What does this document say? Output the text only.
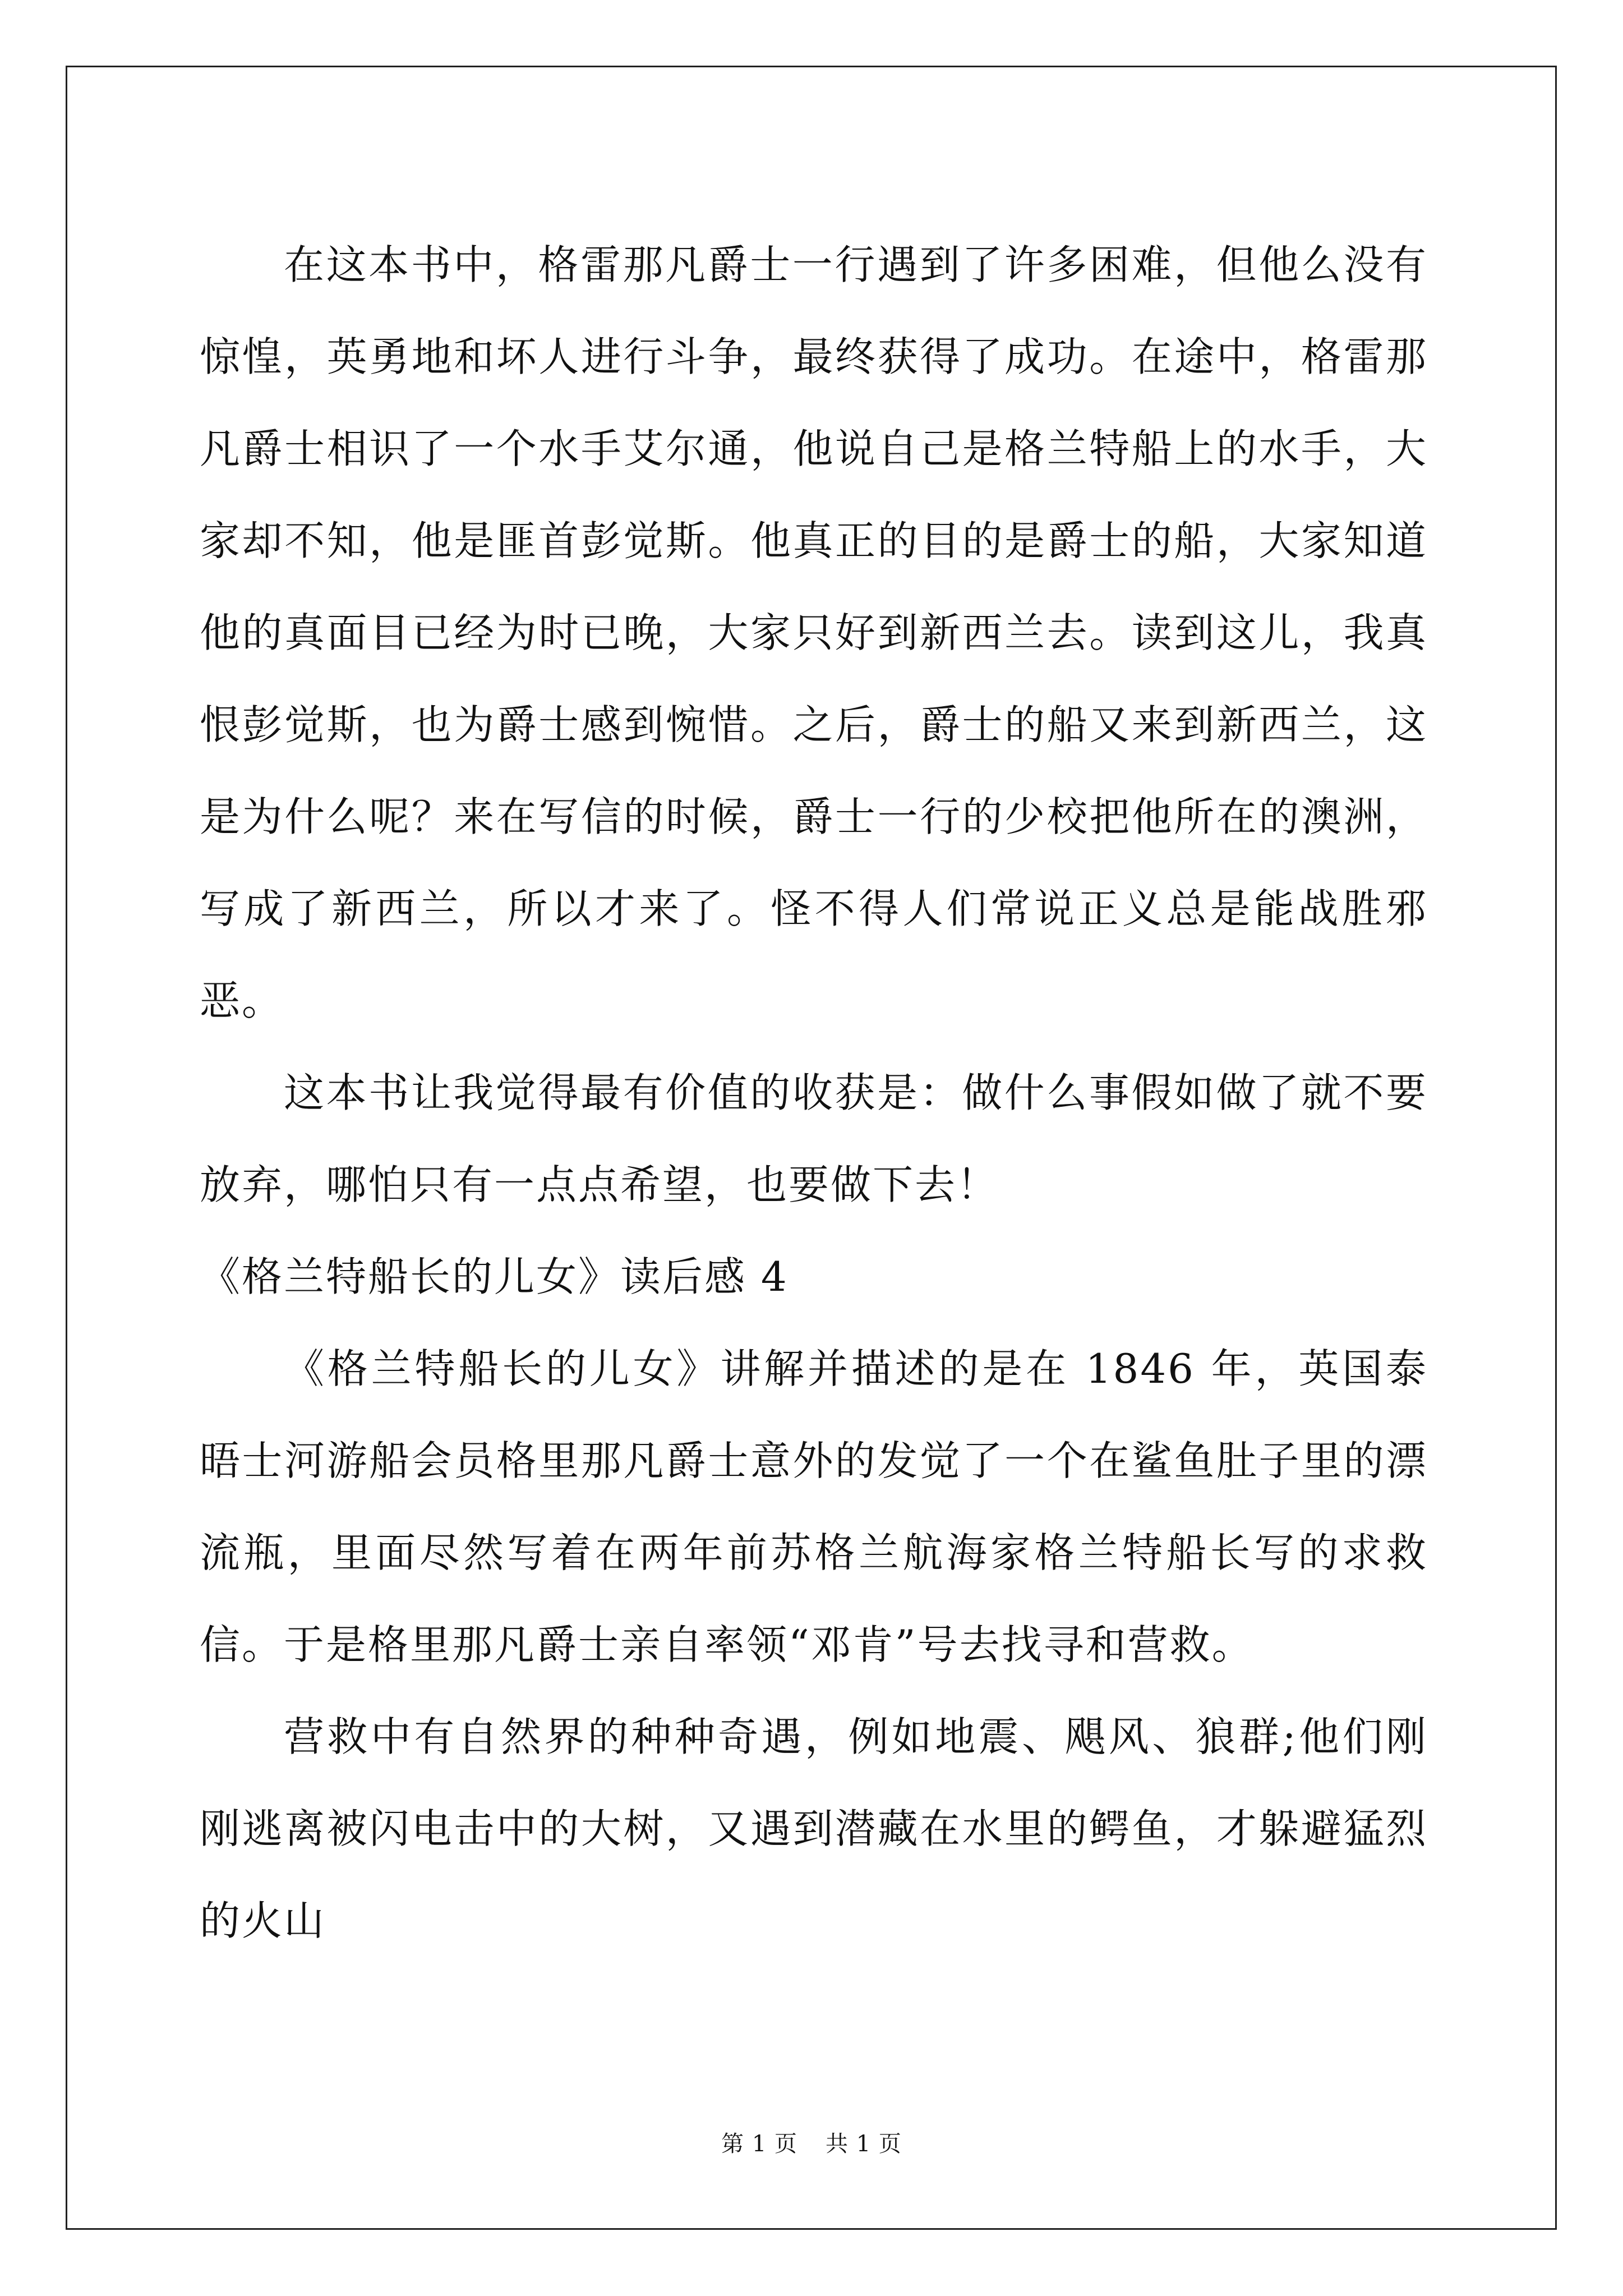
在这本书中，格雷那凡爵士一行遇到了许多困难，但他么没有惊惶，英勇地和坏人进行斗争，最终获得了成功。在途中，格雷那凡爵士相识了一个水手艾尔通，他说自己是格兰特船上的水手，大家却不知，他是匪首彭觉斯。他真正的目的是爵士的船，大家知道他的真面目已经为时已晚，大家只好到新西兰去。读到这儿，我真恨彭觉斯，也为爵士感到惋惜。之后，爵士的船又来到新西兰，这是为什么呢？来在写信的时候，爵士一行的少校把他所在的澳洲，写成了新西兰，所以才来了。怪不得人们常说正义总是能战胜邪恶。

这本书让我觉得最有价值的收获是：做什么事假如做了就不要放弃，哪怕只有一点点希望，也要做下去！

《格兰特船长的儿女》读后感 4

《格兰特船长的儿女》讲解并描述的是在 1846 年，英国泰晤士河游船会员格里那凡爵士意外的发觉了一个在鲨鱼肚子里的漂流瓶，里面尽然写着在两年前苏格兰航海家格兰特船长写的求救信。于是格里那凡爵士亲自率领“邓肯”号去找寻和营救。

营救中有自然界的种种奇遇，例如地震、飓风、狼群;他们刚刚逃离被闪电击中的大树，又遇到潜藏在水里的鳄鱼，才躲避猛烈的火山

第 1 页 共 1 页
